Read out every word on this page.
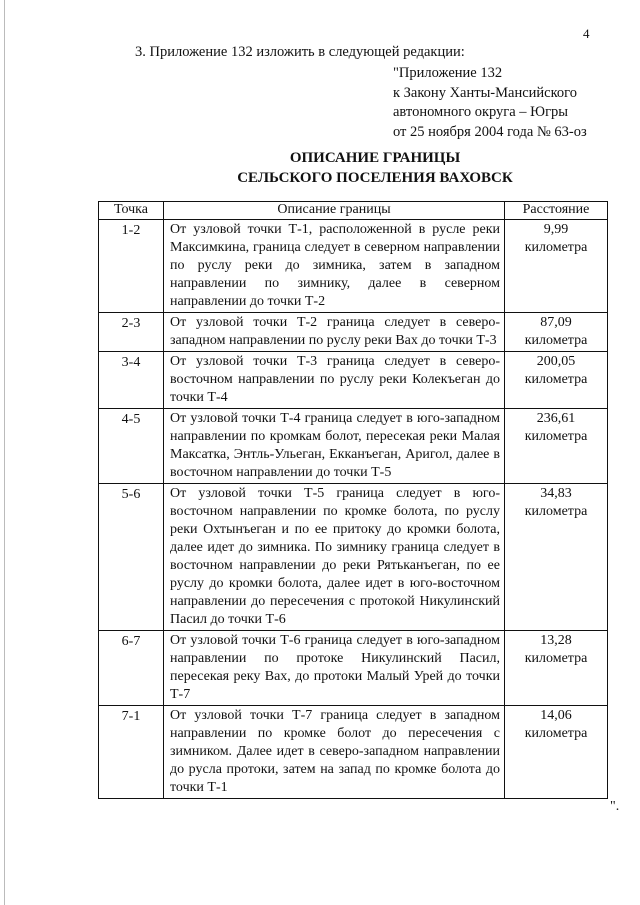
4
3. Приложение 132 изложить в следующей редакции:
"Приложение 132
к Закону Ханты-Мансийского
автономного округа – Югры
от 25 ноября 2004 года № 63-оз
ОПИСАНИЕ ГРАНИЦЫ
СЕЛЬСКОГО ПОСЕЛЕНИЯ ВАХОВСК
Точка	Описание границы	Расстояние
1-2	От узловой точки Т-1, расположенной в русле реки Максимкина, граница следует в северном направлении по руслу реки до зимника, затем в западном направлении по зимнику, далее в северном направлении до точки Т-2	9,99
километра

2-3	От узловой точки Т-2 граница следует в северо-западном направлении по руслу реки Вах до точки Т-3	87,09
километра

3-4	От узловой точки Т-3 граница следует в северо-восточном направлении по руслу реки Колекъеган до точки Т-4	200,05
километра

4-5	От узловой точки Т-4 граница следует в юго-западном направлении по кромкам болот, пересекая реки Малая Максатка, Энтль-Ульеган, Екканъеган, Аригол, далее в восточном направлении до точки Т-5	236,61
километра

5-6	От узловой точки Т-5 граница следует в юго-восточном направлении по кромке болота, по руслу реки Охтынъеган и по ее притоку до кромки болота, далее идет до зимника. По зимнику граница следует в восточном направлении до реки Рятьканъеган, по ее руслу до кромки болота, далее идет в юго-восточном направлении до пересечения с протокой Никулинский Пасил до точки Т-6	34,83
километра

6-7	От узловой точки Т-6 граница следует в юго-западном направлении по протоке Никулинский Пасил, пересекая реку Вах, до протоки Малый Урей до точки Т-7	13,28
километра

7-1	От узловой точки Т-7 граница следует в западном направлении по кромке болот до пересечения с зимником. Далее идет в северо-западном направлении до русла протоки, затем на запад по кромке болота до точки Т-1	14,06
километра
".
